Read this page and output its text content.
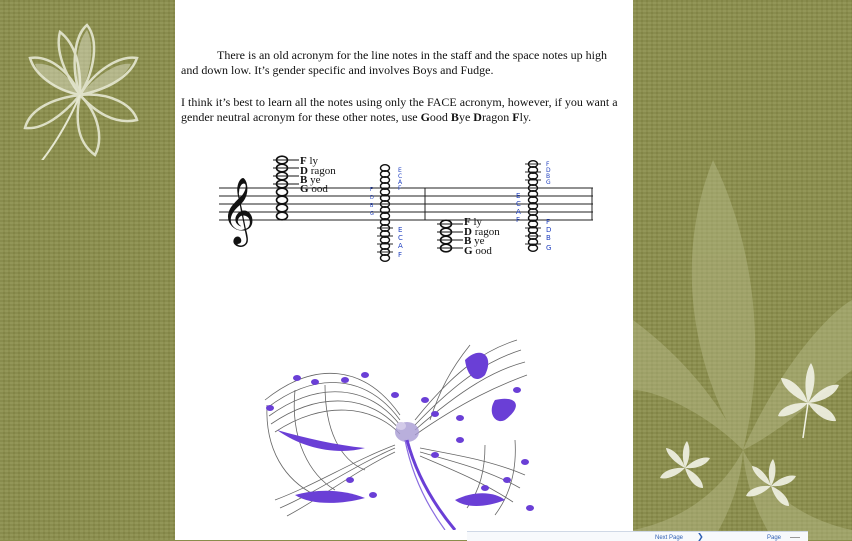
There is an old acronym for the line notes in the staff and the space notes up high and down low. It’s gender specific and involves Boys and Fudge.

I think it’s best to learn all the notes using only the FACE acronym, however, if you want a gender neutral acronym for these other notes, use Good Bye Dragon Fly.

𝄞
F ly
D ragon
B ye
G ood
E
C
A
F
F
D
B
G
E
C
A
F
F ly
D ragon
B ye
G ood
F
D
B
G
E
C
A
F	F
D
B
G
Next Page ❯	Page
